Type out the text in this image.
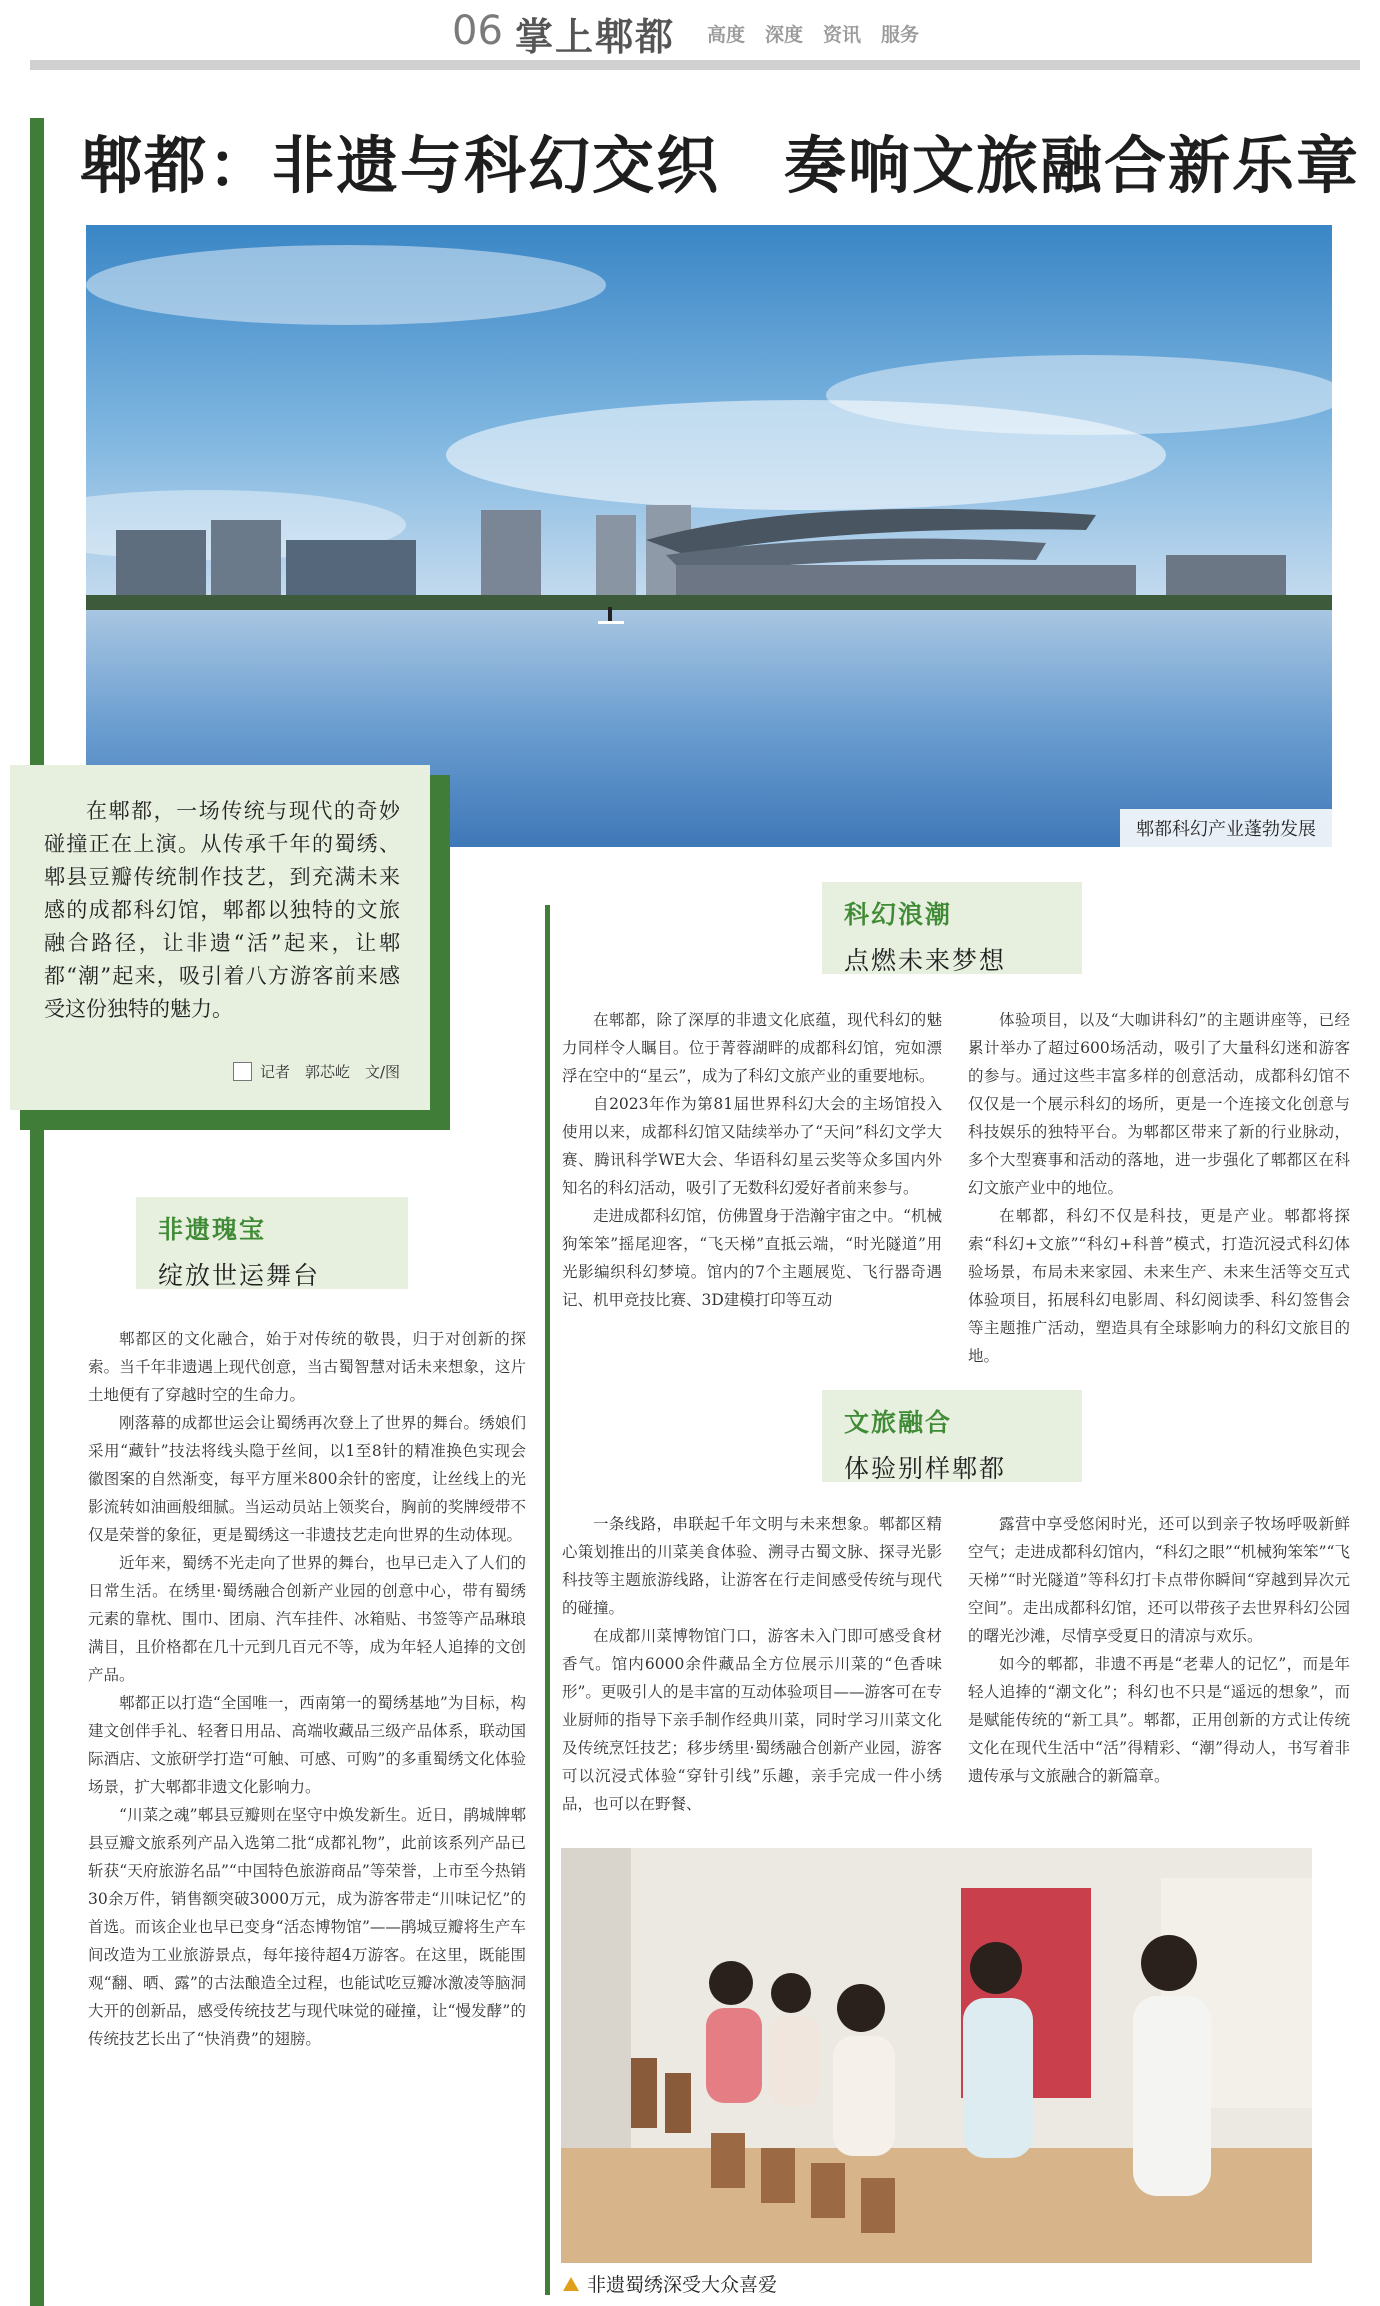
06 掌上郫都 高度 深度 资讯 服务
郫都：非遗与科幻交织　奏响文旅融合新乐章
郫都科幻产业蓬勃发展

在郫都，一场传统与现代的奇妙碰撞正在上演。从传承千年的蜀绣、郫县豆瓣传统制作技艺，到充满未来感的成都科幻馆，郫都以独特的文旅融合路径，让非遗“活”起来，让郫都“潮”起来，吸引着八方游客前来感受这份独特的魅力。

记者　郭芯屹　文/图
科幻浪潮
点燃未来梦想

在郫都，除了深厚的非遗文化底蕴，现代科幻的魅力同样令人瞩目。位于菁蓉湖畔的成都科幻馆，宛如漂浮在空中的“星云”，成为了科幻文旅产业的重要地标。

自2023年作为第81届世界科幻大会的主场馆投入使用以来，成都科幻馆又陆续举办了“天问”科幻文学大赛、腾讯科学WE大会、华语科幻星云奖等众多国内外知名的科幻活动，吸引了无数科幻爱好者前来参与。

走进成都科幻馆，仿佛置身于浩瀚宇宙之中。“机械狗笨笨”摇尾迎客，“飞天梯”直抵云端，“时光隧道”用光影编织科幻梦境。馆内的7个主题展览、飞行器奇遇记、机甲竞技比赛、3D建模打印等互动

体验项目，以及“大咖讲科幻”的主题讲座等，已经累计举办了超过600场活动，吸引了大量科幻迷和游客的参与。通过这些丰富多样的创意活动，成都科幻馆不仅仅是一个展示科幻的场所，更是一个连接文化创意与科技娱乐的独特平台。为郫都区带来了新的行业脉动，多个大型赛事和活动的落地，进一步强化了郫都区在科幻文旅产业中的地位。

在郫都，科幻不仅是科技，更是产业。郫都将探索“科幻+文旅”“科幻+科普”模式，打造沉浸式科幻体验场景，布局未来家园、未来生产、未来生活等交互式体验项目，拓展科幻电影周、科幻阅读季、科幻签售会等主题推广活动，塑造具有全球影响力的科幻文旅目的地。

非遗瑰宝
绽放世运舞台

郫都区的文化融合，始于对传统的敬畏，归于对创新的探索。当千年非遗遇上现代创意，当古蜀智慧对话未来想象，这片土地便有了穿越时空的生命力。

刚落幕的成都世运会让蜀绣再次登上了世界的舞台。绣娘们采用“藏针”技法将线头隐于丝间，以1至8针的精准换色实现会徽图案的自然渐变，每平方厘米800余针的密度，让丝线上的光影流转如油画般细腻。当运动员站上领奖台，胸前的奖牌绶带不仅是荣誉的象征，更是蜀绣这一非遗技艺走向世界的生动体现。

近年来，蜀绣不光走向了世界的舞台，也早已走入了人们的日常生活。在绣里·蜀绣融合创新产业园的创意中心，带有蜀绣元素的靠枕、围巾、团扇、汽车挂件、冰箱贴、书签等产品琳琅满目，且价格都在几十元到几百元不等，成为年轻人追捧的文创产品。

郫都正以打造“全国唯一，西南第一的蜀绣基地”为目标，构建文创伴手礼、轻奢日用品、高端收藏品三级产品体系，联动国际酒店、文旅研学打造“可触、可感、可购”的多重蜀绣文化体验场景，扩大郫都非遗文化影响力。

“川菜之魂”郫县豆瓣则在坚守中焕发新生。近日，鹃城牌郫县豆瓣文旅系列产品入选第二批“成都礼物”，此前该系列产品已斩获“天府旅游名品”“中国特色旅游商品”等荣誉，上市至今热销30余万件，销售额突破3000万元，成为游客带走“川味记忆”的首选。而该企业也早已变身“活态博物馆”——鹃城豆瓣将生产车间改造为工业旅游景点，每年接待超4万游客。在这里，既能围观“翻、晒、露”的古法酿造全过程，也能试吃豆瓣冰激凌等脑洞大开的创新品，感受传统技艺与现代味觉的碰撞，让“慢发酵”的传统技艺长出了“快消费”的翅膀。

文旅融合
体验别样郫都

一条线路，串联起千年文明与未来想象。郫都区精心策划推出的川菜美食体验、溯寻古蜀文脉、探寻光影科技等主题旅游线路，让游客在行走间感受传统与现代的碰撞。

在成都川菜博物馆门口，游客未入门即可感受食材香气。馆内6000余件藏品全方位展示川菜的“色香味形”。更吸引人的是丰富的互动体验项目——游客可在专业厨师的指导下亲手制作经典川菜，同时学习川菜文化及传统烹饪技艺；移步绣里·蜀绣融合创新产业园，游客可以沉浸式体验“穿针引线”乐趣，亲手完成一件小绣品，也可以在野餐、

露营中享受悠闲时光，还可以到亲子牧场呼吸新鲜空气；走进成都科幻馆内，“科幻之眼”“机械狗笨笨”“飞天梯”“时光隧道”等科幻打卡点带你瞬间“穿越到异次元空间”。走出成都科幻馆，还可以带孩子去世界科幻公园的曙光沙滩，尽情享受夏日的清凉与欢乐。

如今的郫都，非遗不再是“老辈人的记忆”，而是年轻人追捧的“潮文化”；科幻也不只是“遥远的想象”，而是赋能传统的“新工具”。郫都，正用创新的方式让传统文化在现代生活中“活”得精彩、“潮”得动人，书写着非遗传承与文旅融合的新篇章。

非遗蜀绣深受大众喜爱
